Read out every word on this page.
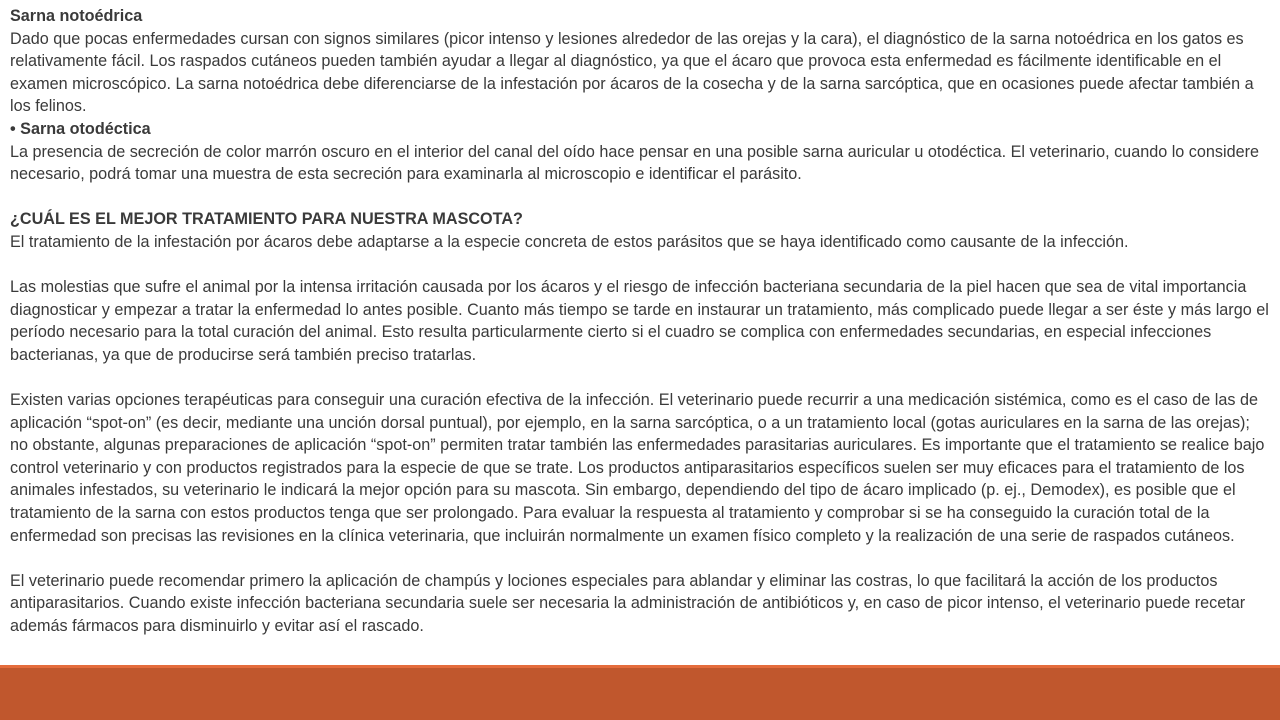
Sarna notoédrica

Dado que pocas enfermedades cursan con signos similares (picor intenso y lesiones alrededor de las orejas y la cara), el diagnóstico de la sarna notoédrica en los gatos es relativamente fácil. Los raspados cutáneos pueden también ayudar a llegar al diagnóstico, ya que el ácaro que provoca esta enfermedad es fácilmente identificable en el examen microscópico. La sarna notoédrica debe diferenciarse de la infestación por ácaros de la cosecha y de la sarna sarcóptica, que en ocasiones puede afectar también a los felinos.

• Sarna otodéctica

La presencia de secreción de color marrón oscuro en el interior del canal del oído hace pensar en una posible sarna auricular u otodéctica. El veterinario, cuando lo considere necesario, podrá tomar una muestra de esta secreción para examinarla al microscopio e identificar el parásito.

¿CUÁL ES EL MEJOR TRATAMIENTO PARA NUESTRA MASCOTA?

El tratamiento de la infestación por ácaros debe adaptarse a la especie concreta de estos parásitos que se haya identificado como causante de la infección.

Las molestias que sufre el animal por la intensa irritación causada por los ácaros y el riesgo de infección bacteriana secundaria de la piel hacen que sea de vital importancia diagnosticar y empezar a tratar la enfermedad lo antes posible. Cuanto más tiempo se tarde en instaurar un tratamiento, más complicado puede llegar a ser éste y más largo el período necesario para la total curación del animal. Esto resulta particularmente cierto si el cuadro se complica con enfermedades secundarias, en especial infecciones bacterianas, ya que de producirse será también preciso tratarlas.

Existen varias opciones terapéuticas para conseguir una curación efectiva de la infección. El veterinario puede recurrir a una medicación sistémica, como es el caso de las de aplicación “spot-on” (es decir, mediante una unción dorsal puntual), por ejemplo, en la sarna sarcóptica, o a un tratamiento local (gotas auriculares en la sarna de las orejas); no obstante, algunas preparaciones de aplicación “spot-on” permiten tratar también las enfermedades parasitarias auriculares. Es importante que el tratamiento se realice bajo control veterinario y con productos registrados para la especie de que se trate. Los productos antiparasitarios específicos suelen ser muy eficaces para el tratamiento de los animales infestados, su veterinario le indicará la mejor opción para su mascota. Sin embargo, dependiendo del tipo de ácaro implicado (p. ej., Demodex), es posible que el tratamiento de la sarna con estos productos tenga que ser prolongado. Para evaluar la respuesta al tratamiento y comprobar si se ha conseguido la curación total de la enfermedad son precisas las revisiones en la clínica veterinaria, que incluirán normalmente un examen físico completo y la realización de una serie de raspados cutáneos.

El veterinario puede recomendar primero la aplicación de champús y lociones especiales para ablandar y eliminar las costras, lo que facilitará la acción de los productos antiparasitarios. Cuando existe infección bacteriana secundaria suele ser necesaria la administración de antibióticos y, en caso de picor intenso, el veterinario puede recetar además fármacos para disminuirlo y evitar así el rascado.
